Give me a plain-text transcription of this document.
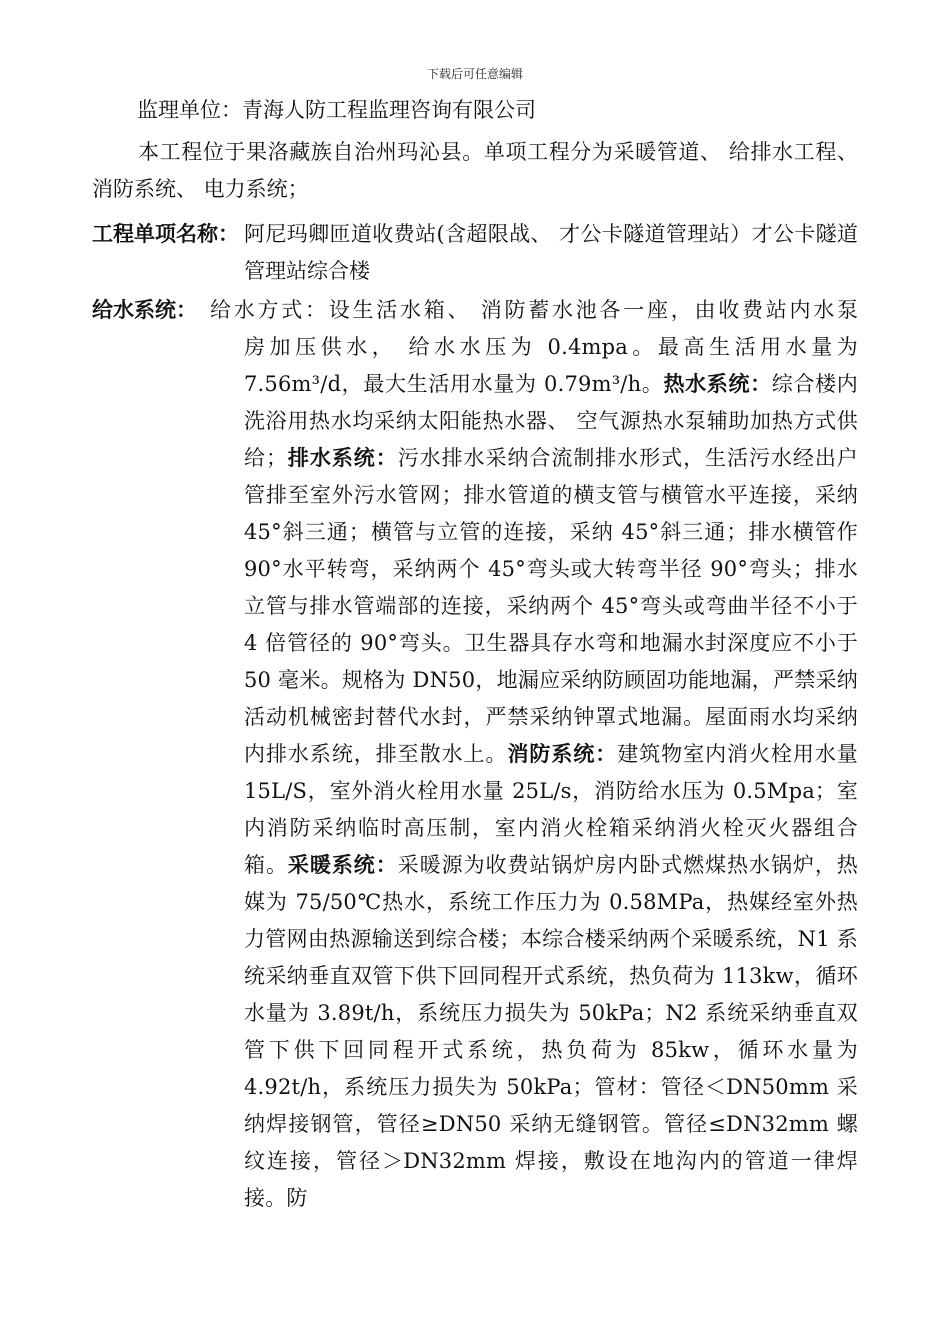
下载后可任意编辑

监理单位：青海人防工程监理咨询有限公司

本工程位于果洛藏族自治州玛沁县。单项工程分为采暖管道、 给排水工程、 消防系统、 电力系统；

工程单项名称： 阿尼玛卿匝道收费站(含超限战、 才公卡隧道管理站）才公卡隧道管理站综合楼

给水系统： 给水方式：设生活水箱、 消防蓄水池各一座，由收费站内水泵

房加压供水， 给水水压为 0.4mpa。最高生活用水量为 7.56m³/d，最大生活用水量为 0.79m³/h。热水系统：综合楼内洗浴用热水均采纳太阳能热水器、 空气源热水泵辅助加热方式供给；排水系统：污水排水采纳合流制排水形式，生活污水经出户管排至室外污水管网；排水管道的横支管与横管水平连接，采纳 45°斜三通；横管与立管的连接，采纳 45°斜三通；排水横管作 90°水平转弯，采纳两个 45°弯头或大转弯半径 90°弯头；排水立管与排水管端部的连接，采纳两个 45°弯头或弯曲半径不小于 4 倍管径的 90°弯头。卫生器具存水弯和地漏水封深度应不小于 50 毫米。规格为 DN50，地漏应采纳防顾固功能地漏，严禁采纳活动机械密封替代水封，严禁采纳钟罩式地漏。屋面雨水均采纳内排水系统，排至散水上。消防系统：建筑物室内消火栓用水量 15L/S，室外消火栓用水量 25L/s，消防给水压为 0.5Mpa；室内消防采纳临时高压制，室内消火栓箱采纳消火栓灭火器组合箱。采暖系统：采暖源为收费站锅炉房内卧式燃煤热水锅炉，热媒为 75/50℃热水，系统工作压力为 0.58MPa，热媒经室外热力管网由热源输送到综合楼；本综合楼采纳两个采暖系统，N1 系统采纳垂直双管下供下回同程开式系统，热负荷为 113kw，循环水量为 3.89t/h，系统压力损失为 50kPa；N2 系统采纳垂直双管下供下回同程开式系统，热负荷为 85kw，循环水量为 4.92t/h，系统压力损失为 50kPa；管材：管径＜DN50mm 采纳焊接钢管，管径≥DN50 采纳无缝钢管。管径≤DN32mm 螺纹连接，管径＞DN32mm 焊接，敷设在地沟内的管道一律焊接。防
